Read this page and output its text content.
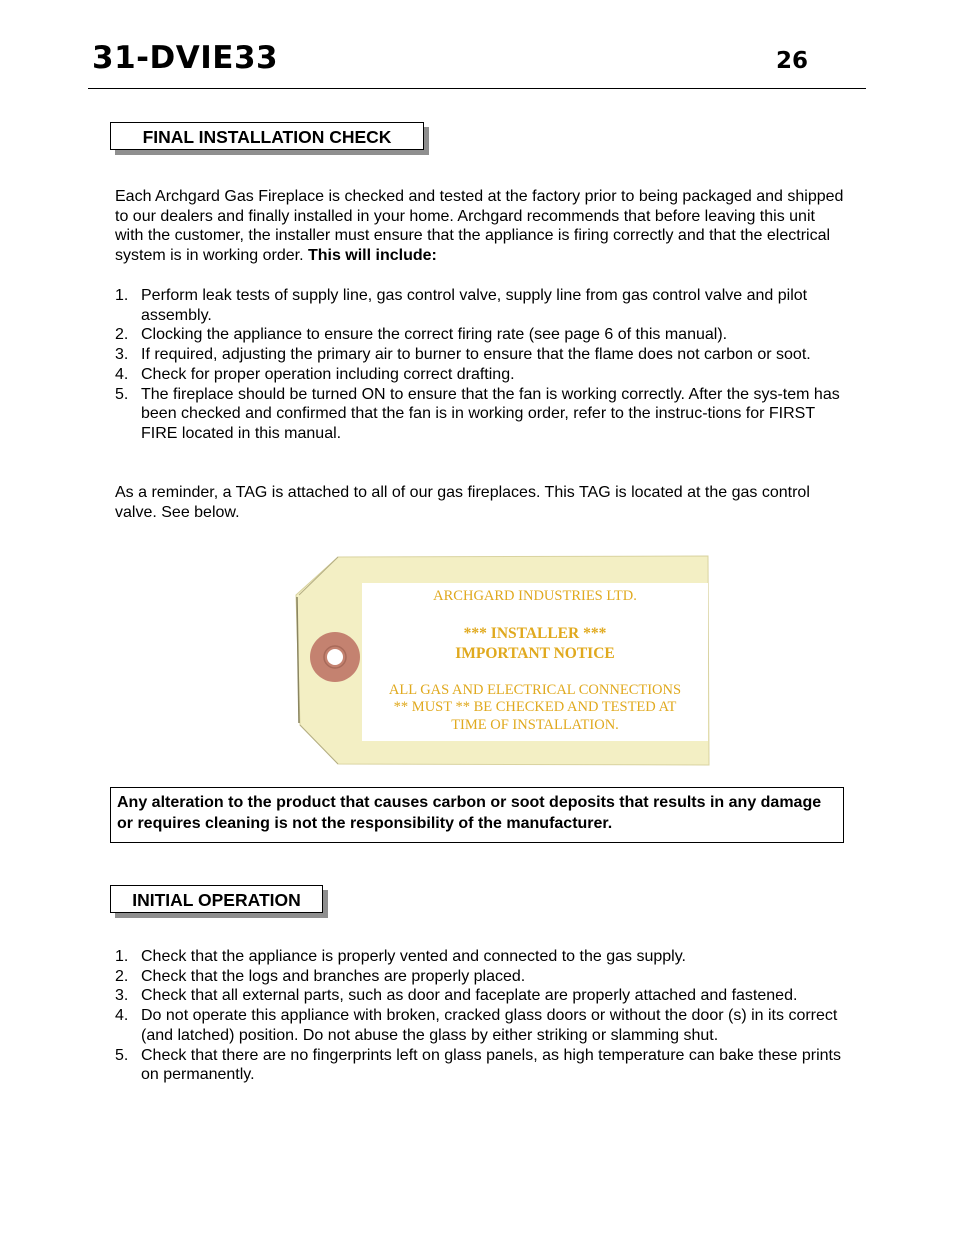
31-DVIE33	26
FINAL INSTALLATION CHECK

Each Archgard Gas Fireplace is checked and tested at the factory prior to being packaged and shipped to our dealers and finally installed in your home. Archgard recommends that before leaving this unit with the customer, the installer must ensure that the appliance is firing correctly and that the electrical system is in working order. This will include:

1. Perform leak tests of supply line, gas control valve, supply line from gas control valve and pilot assembly.
2. Clocking the appliance to ensure the correct firing rate (see page 6 of this manual).
3. If required, adjusting the primary air to burner to ensure that the flame does not carbon or soot.
4. Check for proper operation including correct drafting.
5. The fireplace should be turned ON to ensure that the fan is working correctly. After the sys-tem has been checked and confirmed that the fan is in working order, refer to the instruc-tions for FIRST FIRE located in this manual.

As a reminder, a TAG is attached to all of our gas fireplaces. This TAG is located at the gas control valve. See below.

ARCHGARD INDUSTRIES LTD.
*** INSTALLER ***
IMPORTANT NOTICE
ALL GAS AND ELECTRICAL CONNECTIONS
** MUST ** BE CHECKED AND TESTED AT
TIME OF INSTALLATION.
Any alteration to the product that causes carbon or soot deposits that results in any damage or requires cleaning is not the responsibility of the manufacturer.
INITIAL OPERATION
1. Check that the appliance is properly vented and connected to the gas supply.
2. Check that the logs and branches are properly placed.
3. Check that all external parts, such as door and faceplate are properly attached and fastened.
4. Do not operate this appliance with broken, cracked glass doors or without the door (s) in its correct (and latched) position. Do not abuse the glass by either striking or slamming shut.
5. Check that there are no fingerprints left on glass panels, as high temperature can bake these prints on permanently.
